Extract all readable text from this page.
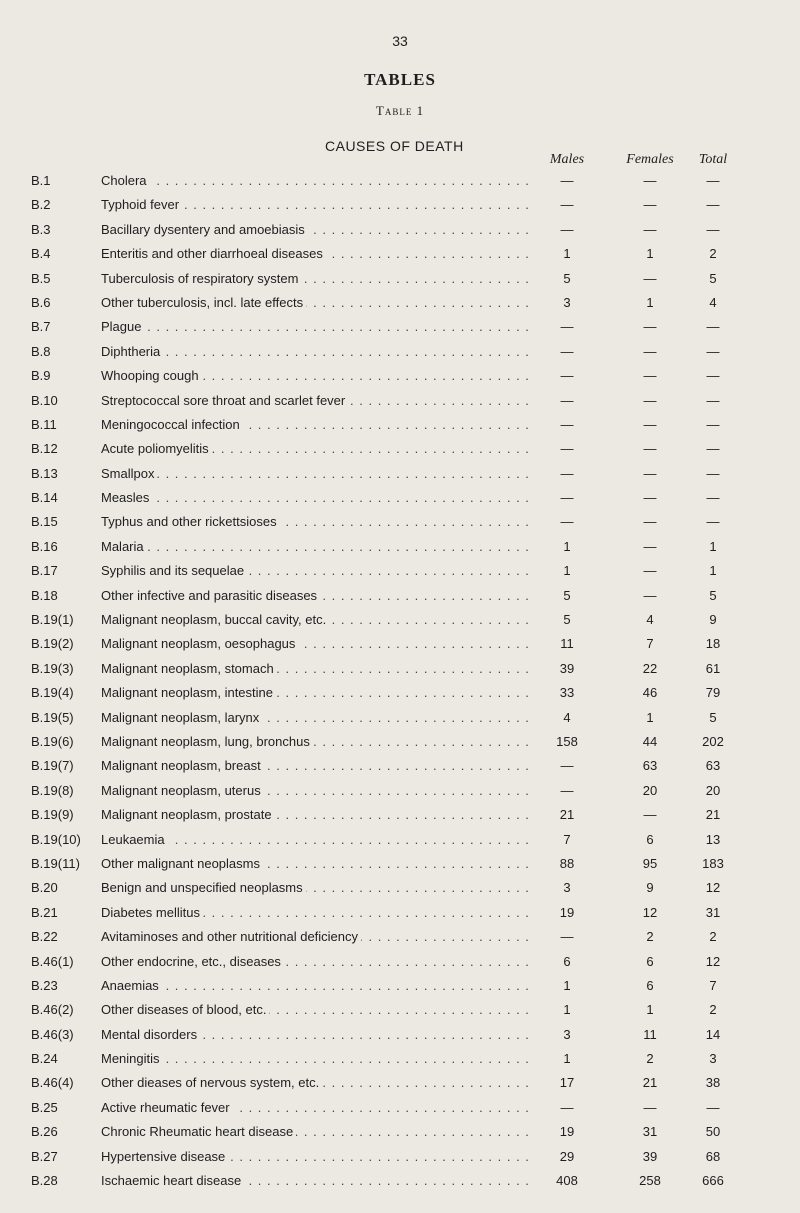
33
TABLES
Table 1
CAUSES OF DEATH
Males	Females	Total
B.1	Cholera . . .	—	—	—
B.2	Typhoid fever . . .	—	—	—
B.3	Bacillary dysentery and amoebiasis . . .	—	—	—
B.4	Enteritis and other diarrhoeal diseases . . .	1	1	2
B.5	Tuberculosis of respiratory system . . .	5	—	5
B.6	Other tuberculosis, incl. late effects . . .	3	1	4
B.7	Plague . . .	—	—	—
B.8	Diphtheria . . .	—	—	—
B.9	Whooping cough . . .	—	—	—
B.10	Streptococcal sore throat and scarlet fever . . .	—	—	—
B.11	Meningococcal infection . . .	—	—	—
B.12	Acute poliomyelitis . . .	—	—	—
B.13	Smallpox . . .	—	—	—
B.14	Measles . . .	—	—	—
B.15	Typhus and other rickettsioses . . .	—	—	—
B.16	Malaria . . .	1	—	1
B.17	Syphilis and its sequelae . . .	1	—	1
B.18	Other infective and parasitic diseases . . .	5	—	5
B.19(1) Malignant neoplasm, buccal cavity, etc. . . .	5	4	9
B.19(2) Malignant neoplasm, oesophagus . . .	11	7	18
B.19(3) Malignant neoplasm, stomach . . .	39	22	61
B.19(4) Malignant neoplasm, intestine . . .	33	46	79
B.19(5) Malignant neoplasm, larynx . . .	4	1	5
B.19(6) Malignant neoplasm, lung, bronchus . . .	158	44	202
B.19(7) Malignant neoplasm, breast . . .	—	63	63
B.19(8) Malignant neoplasm, uterus . . .	—	20	20
B.19(9) Malignant neoplasm, prostate . . .	21	—	21
B.19(10) Leukaemia . . .	7	6	13
B.19(11) Other malignant neoplasms . . .	88	95	183
B.20	Benign and unspecified neoplasms . . .	3	9	12
B.21	Diabetes mellitus . . .	19	12	31
B.22	Avitaminoses and other nutritional deficiency . . .	—	2	2
B.46(1) Other endocrine, etc., diseases . . .	6	6	12
B.23	Anaemias . . .	1	6	7
B.46(2) Other diseases of blood, etc. . . .	1	1	2
B.46(3) Mental disorders . . .	3	11	14
B.24	Meningitis . . .	1	2	3
B.46(4) Other dieases of nervous system, etc. . . .	17	21	38
B.25	Active rheumatic fever . . .	—	—	—
B.26	Chronic Rheumatic heart disease . . .	19	31	50
B.27	Hypertensive disease . . .	29	39	68
B.28	Ischaemic heart disease . . .	408	258	666
